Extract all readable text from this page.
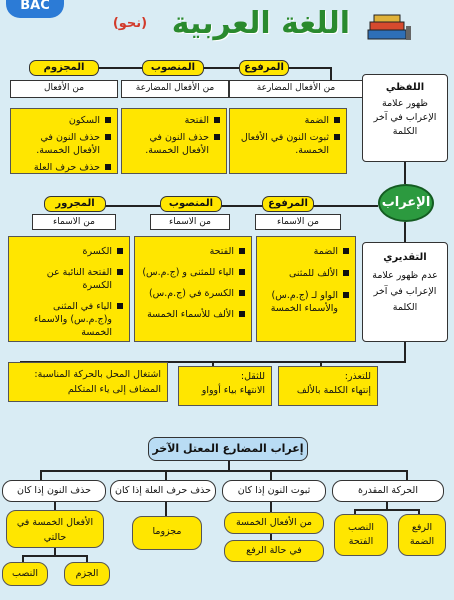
BAC
اللغة العربية
(نحو)
المرفوع
من الأفعال المضارعة
المنصوب
من الأفعال المضارعة
المجزوم
من الأفعال
الضمة
ثبوت النون في الأفعال الخمسة.
الفتحة
حذف النون في الأفعال الخمسة.
السكون
حذف النون في الأفعال الخمسة.
حذف حرف العلة
اللفظي
ظهور علامة الإعراب في آخر الكلمة
الإعراب
التقديري
عدم ظهور علامة الإعراب في آخر الكلمة
المرفوع
من الاسماء
المنصوب
من الاسماء
المجرور
من الاسماء
الضمة
الألف للمثنى
الواو لـ (ج.م.س) والأسماء الخمسة
الفتحة
الياء للمثنى و (ج.م.س)
الكسرة في (ج.م.س)
الألف للأسماء الخمسة
الكسرة
الفتحة النائبة عن الكسرة
الياء في المثنى و(ج.م.س) والاسماء الخمسة
للتعذر:
إنتهاء الكلمة بالألف
للثقل:
الانتهاء بياء أوواو
اشتغال المحل بالحركة المناسبة: المضاف إلى ياء المتكلم
إعراب المضارع المعتل الآخر
الحركة المقدرة
ثبوت النون إذا كان
حذف حرف العلة إذا كان
حذف النون إذا كان
الرفع الضمة
النصب الفتحة
من الأفعال الخمسة
في حالة الرفع
مجزوما
الأفعال الخمسة في حالتي
الجزم
النصب
